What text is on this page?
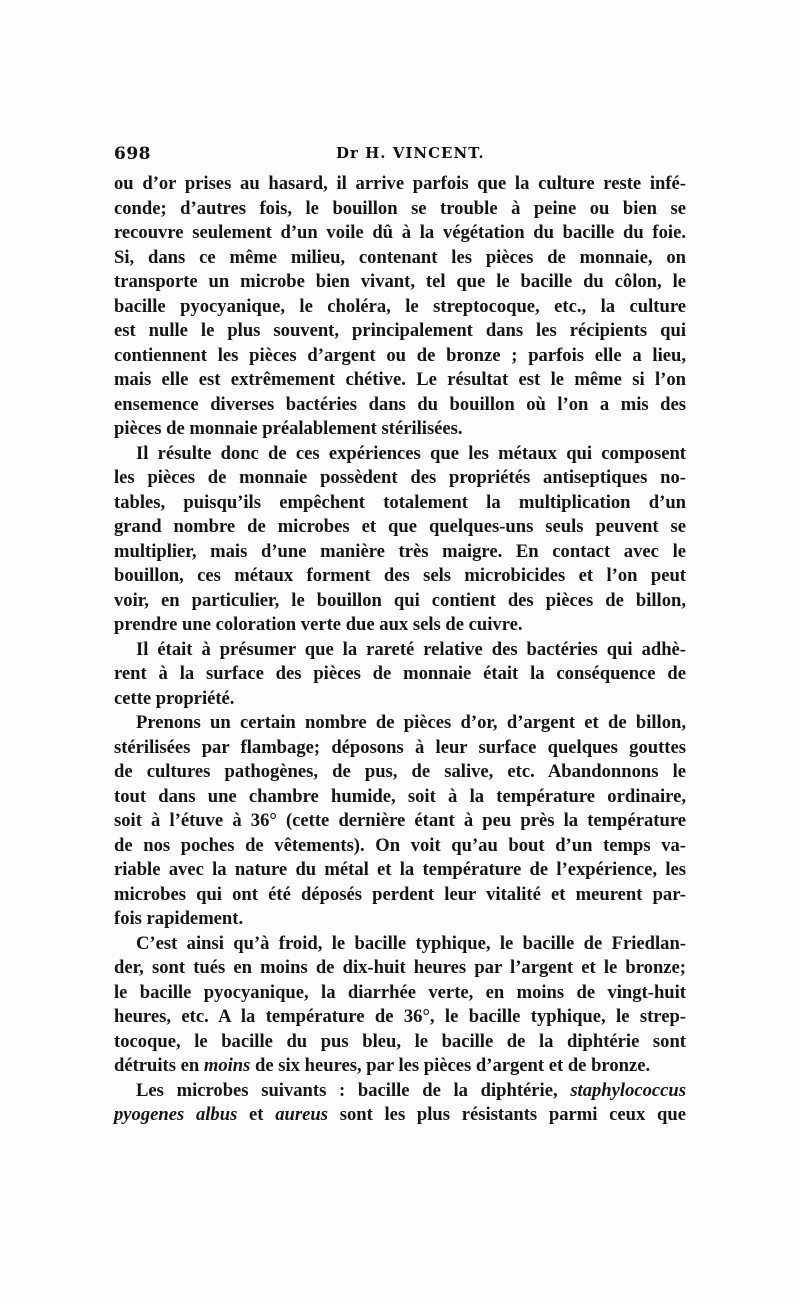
698	Dr H. VINCENT.
ou d’or prises au hasard, il arrive parfois que la culture reste infé-
conde; d’autres fois, le bouillon se trouble à peine ou bien se
recouvre seulement d’un voile dû à la végétation du bacille du foie.
Si, dans ce même milieu, contenant les pièces de monnaie, on
transporte un microbe bien vivant, tel que le bacille du côlon, le
bacille pyocyanique, le choléra, le streptocoque, etc., la culture
est nulle le plus souvent, principalement dans les récipients qui
contiennent les pièces d’argent ou de bronze ; parfois elle a lieu,
mais elle est extrêmement chétive. Le résultat est le même si l’on
ensemence diverses bactéries dans du bouillon où l’on a mis des
pièces de monnaie préalablement stérilisées.
Il résulte donc de ces expériences que les métaux qui composent
les pièces de monnaie possèdent des propriétés antiseptiques no-
tables, puisqu’ils empêchent totalement la multiplication d’un
grand nombre de microbes et que quelques-uns seuls peuvent se
multiplier, mais d’une manière très maigre. En contact avec le
bouillon, ces métaux forment des sels microbicides et l’on peut
voir, en particulier, le bouillon qui contient des pièces de billon,
prendre une coloration verte due aux sels de cuivre.
Il était à présumer que la rareté relative des bactéries qui adhè-
rent à la surface des pièces de monnaie était la conséquence de
cette propriété.
Prenons un certain nombre de pièces d’or, d’argent et de billon,
stérilisées par flambage; déposons à leur surface quelques gouttes
de cultures pathogènes, de pus, de salive, etc. Abandonnons le
tout dans une chambre humide, soit à la température ordinaire,
soit à l’étuve à 36° (cette dernière étant à peu près la température
de nos poches de vêtements). On voit qu’au bout d’un temps va-
riable avec la nature du métal et la température de l’expérience, les
microbes qui ont été déposés perdent leur vitalité et meurent par-
fois rapidement.
C’est ainsi qu’à froid, le bacille typhique, le bacille de Friedlan-
der, sont tués en moins de dix-huit heures par l’argent et le bronze;
le bacille pyocyanique, la diarrhée verte, en moins de vingt-huit
heures, etc. A la température de 36°, le bacille typhique, le strep-
tocoque, le bacille du pus bleu, le bacille de la diphtérie sont
détruits en moins de six heures, par les pièces d’argent et de bronze.
Les microbes suivants : bacille de la diphtérie, staphylococcus
pyogenes albus et aureus sont les plus résistants parmi ceux que
